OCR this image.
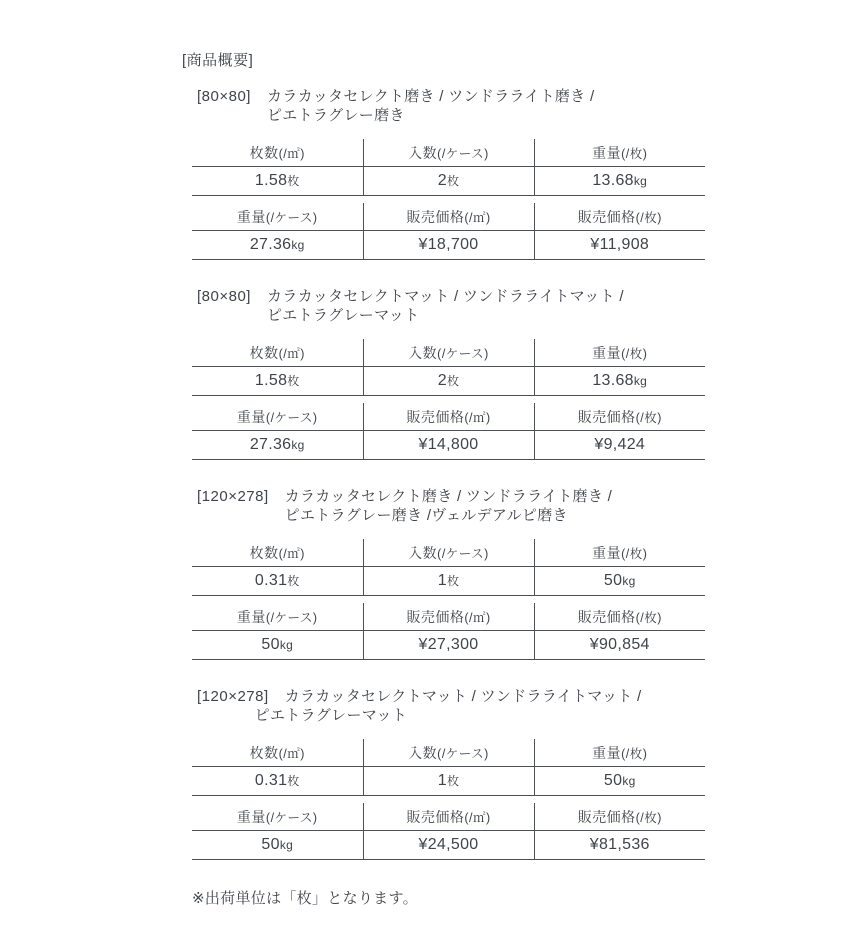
[商品概要]
[80×80] カラカッタセレクト磨き / ツンドラライト磨き /
ピエトラグレー磨き
枚数(/㎡)	入数(/ケース)	重量(/枚)
1.58枚	2枚	13.68kg
重量(/ケース)	販売価格(/㎡)	販売価格(/枚)
27.36kg	¥18,700	¥11,908
[80×80] カラカッタセレクトマット / ツンドラライトマット /
ピエトラグレーマット
枚数(/㎡)	入数(/ケース)	重量(/枚)
1.58枚	2枚	13.68kg
重量(/ケース)	販売価格(/㎡)	販売価格(/枚)
27.36kg	¥14,800	¥9,424
[120×278] カラカッタセレクト磨き / ツンドラライト磨き /
ピエトラグレー磨き /ヴェルデアルピ磨き
枚数(/㎡)	入数(/ケース)	重量(/枚)
0.31枚	1枚	50kg
重量(/ケース)	販売価格(/㎡)	販売価格(/枚)
50kg	¥27,300	¥90,854
[120×278] カラカッタセレクトマット / ツンドラライトマット /
ピエトラグレーマット
枚数(/㎡)	入数(/ケース)	重量(/枚)
0.31枚	1枚	50kg
重量(/ケース)	販売価格(/㎡)	販売価格(/枚)
50kg	¥24,500	¥81,536

※出荷単位は「枚」となります。
